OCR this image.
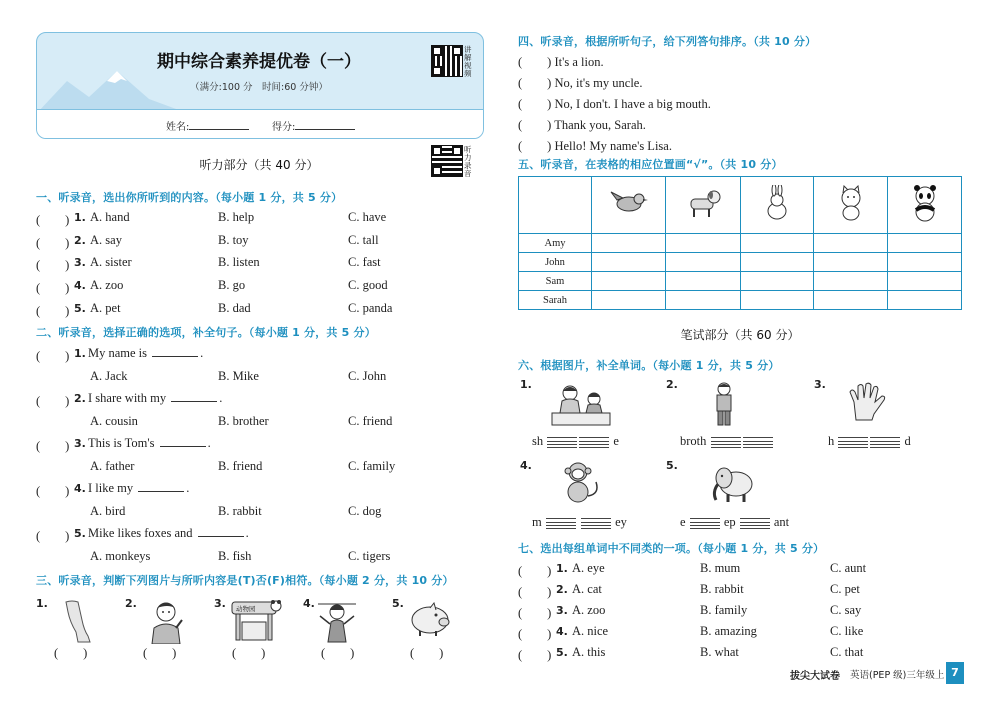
期中综合素养提优卷（一）
（满分:100 分　时间:60 分钟）
姓名:	得分:
讲解视频
听力录音
听力部分（共 40 分）
一、听录音，选出你所听到的内容。（每小题 1 分，共 5 分）
(　　) 1. A. hand	B. help	C. have
(　　) 2. A. say	B. toy	C. tall
(　　) 3. A. sister	B. listen	C. fast
(　　) 4. A. zoo	B. go	C. good
(　　) 5. A. pet	B. dad	C. panda
二、听录音，选择正确的选项，补全句子。（每小题 1 分，共 5 分）
(　　) 1. My name is	.
A. Jack	B. Mike	C. John
(　　) 2. I share with my	.
A. cousin	B. brother	C. friend
(　　) 3. This is Tom's	.
A. father	B. friend	C. family
(　　) 4. I like my	.
A. bird	B. rabbit	C. dog
(　　) 5. Mike likes foxes and	.
A. monkeys	B. fish	C. tigers
三、听录音，判断下列图片与所听内容是(T)否(F)相符。（每小题 2 分，共 10 分）
1.	2.	3.	4.	5.
动物园
(　　)	(　　)	(　　)	(　　)	(　　)
四、听录音，根据所听句子，给下列答句排序。（共 10 分）
(　　) It's a lion.
(　　) No, it's my uncle.
(　　) No, I don't. I have a big mouth.
(　　) Thank you, Sarah.
(　　) Hello! My name's Lisa.
五、听录音，在表格的相应位置画“√”。（共 10 分）

Amy					
John					
Sam					
Sarah					
笔试部分（共 60 分）
六、根据图片，补全单词。（每小题 1 分，共 5 分）
1.	2.	3.
4.	5.
sh	e	broth	h	d
m	ey	e	ep	ant
七、选出每组单词中不同类的一项。（每小题 1 分，共 5 分）
(　　) 1. A. eye	B. mum	C. aunt
(　　) 2. A. cat	B. rabbit	C. pet
(　　) 3. A. zoo	B. family	C. say
(　　) 4. A. nice	B. amazing	C. like
(　　) 5. A. this	B. what	C. that
拔尖大试卷 英语(PEP 级)三年级上 7
